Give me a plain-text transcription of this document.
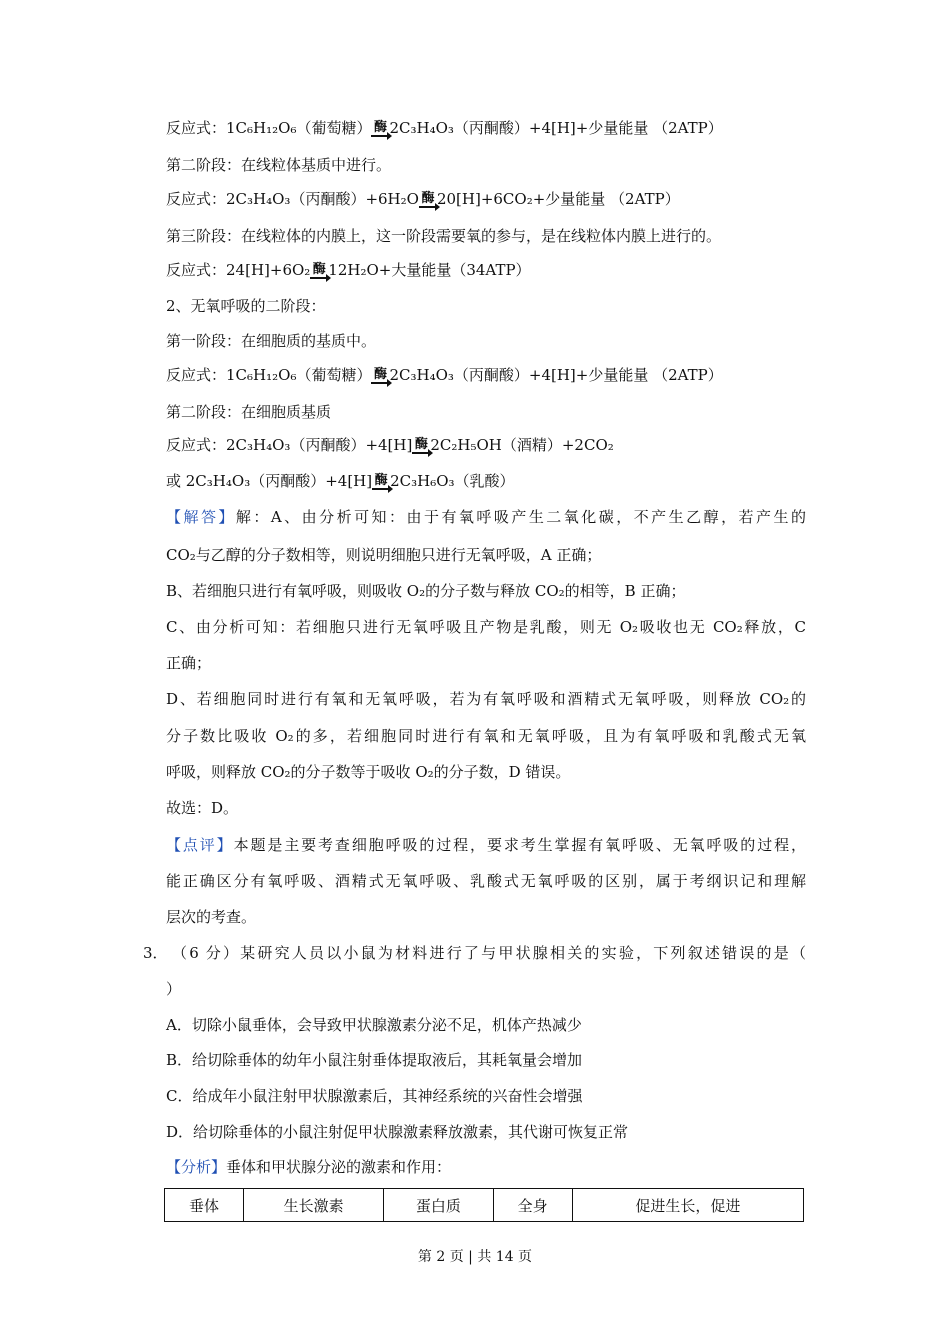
反应式：1C₆H₁₂O₆（葡萄糖） 酶 2C₃H₄O₃（丙酮酸）+4[H]+少量能量 （2ATP）
第二阶段：在线粒体基质中进行。
反应式：2C₃H₄O₃（丙酮酸）+6H₂O 酶 20[H]+6CO₂+少量能量 （2ATP）
第三阶段：在线粒体的内膜上，这一阶段需要氧的参与，是在线粒体内膜上进行的。
反应式：24[H]+6O₂ 酶 12H₂O+大量能量（34ATP）
2、无氧呼吸的二阶段：
第一阶段：在细胞质的基质中。
反应式：1C₆H₁₂O₆（葡萄糖） 酶 2C₃H₄O₃（丙酮酸）+4[H]+少量能量 （2ATP）
第二阶段：在细胞质基质
反应式：2C₃H₄O₃（丙酮酸）+4[H] 酶 2C₂H₅OH（酒精）+2CO₂
或 2C₃H₄O₃（丙酮酸）+4[H] 酶 2C₃H₆O₃（乳酸）
【解答】解：A、由分析可知：由于有氧呼吸产生二氧化碳，不产生乙醇，若产生的
CO₂与乙醇的分子数相等，则说明细胞只进行无氧呼吸，A 正确；
B、若细胞只进行有氧呼吸，则吸收 O₂的分子数与释放 CO₂的相等，B 正确；
C、由分析可知：若细胞只进行无氧呼吸且产物是乳酸，则无 O₂吸收也无 CO₂释放，C
正确；
D、若细胞同时进行有氧和无氧呼吸，若为有氧呼吸和酒精式无氧呼吸，则释放 CO₂的
分子数比吸收 O₂的多，若细胞同时进行有氧和无氧呼吸，且为有氧呼吸和乳酸式无氧
呼吸，则释放 CO₂的分子数等于吸收 O₂的分子数，D 错误。
故选：D。
【点评】本题是主要考查细胞呼吸的过程，要求考生掌握有氧呼吸、无氧呼吸的过程，
能正确区分有氧呼吸、酒精式无氧呼吸、乳酸式无氧呼吸的区别，属于考纲识记和理解
层次的考查。
3． （6 分）某研究人员以小鼠为材料进行了与甲状腺相关的实验，下列叙述错误的是（
）
A．切除小鼠垂体，会导致甲状腺激素分泌不足，机体产热减少
B．给切除垂体的幼年小鼠注射垂体提取液后，其耗氧量会增加
C．给成年小鼠注射甲状腺激素后，其神经系统的兴奋性会增强
D．给切除垂体的小鼠注射促甲状腺激素释放激素，其代谢可恢复正常
【分析】垂体和甲状腺分泌的激素和作用：
垂体	生长激素	蛋白质	全身	促进生长，促进
第 2 页 | 共 14 页
